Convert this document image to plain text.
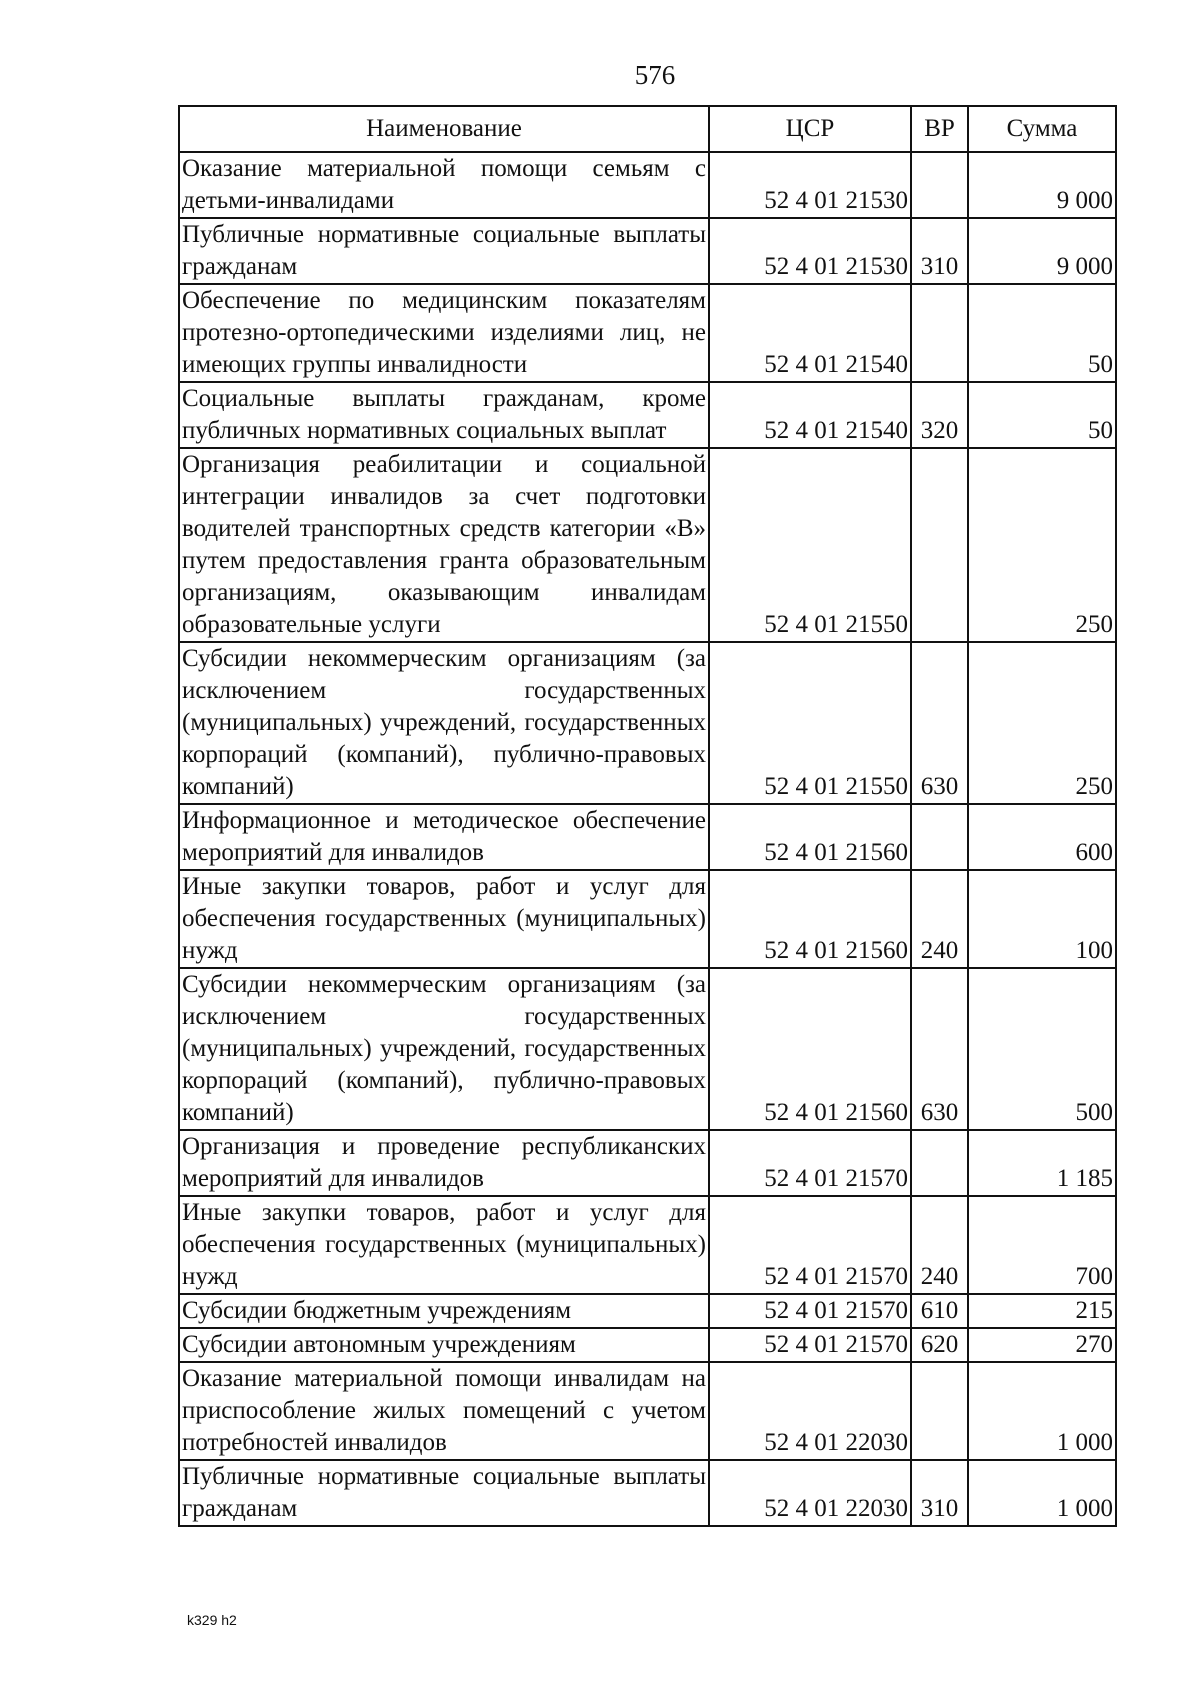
576
Наименование	ЦСР	ВР	Сумма
Оказание материальной помощи семьям с детьми-инвалидами	52 4 01 21530		9 000
Публичные нормативные социальные выплаты гражданам	52 4 01 21530	310	9 000
Обеспечение по медицинским показателям протезно-ортопедическими изделиями лиц, не имеющих группы инвалидности	52 4 01 21540		50
Социальные выплаты гражданам, кроме публичных нормативных социальных выплат	52 4 01 21540	320	50
Организация реабилитации и социальной интеграции инвалидов за счет подготовки водителей транспортных средств категории «В» путем предоставления гранта образовательным организациям, оказывающим инвалидам образовательные услуги	52 4 01 21550		250
Субсидии некоммерческим организациям (за исключением государственных (муниципальных) учреждений, государственных корпораций (компаний), публично-правовых компаний)	52 4 01 21550	630	250
Информационное и методическое обеспечение мероприятий для инвалидов	52 4 01 21560		600
Иные закупки товаров, работ и услуг для обеспечения государственных (муниципальных) нужд	52 4 01 21560	240	100
Субсидии некоммерческим организациям (за исключением государственных (муниципальных) учреждений, государственных корпораций (компаний), публично-правовых компаний)	52 4 01 21560	630	500
Организация и проведение республиканских мероприятий для инвалидов	52 4 01 21570		1 185
Иные закупки товаров, работ и услуг для обеспечения государственных (муниципальных) нужд	52 4 01 21570	240	700
Субсидии бюджетным учреждениям	52 4 01 21570	610	215
Субсидии автономным учреждениям	52 4 01 21570	620	270
Оказание материальной помощи инвалидам на приспособление жилых помещений с учетом потребностей инвалидов	52 4 01 22030		1 000
Публичные нормативные социальные выплаты гражданам	52 4 01 22030	310	1 000
k329 h2
